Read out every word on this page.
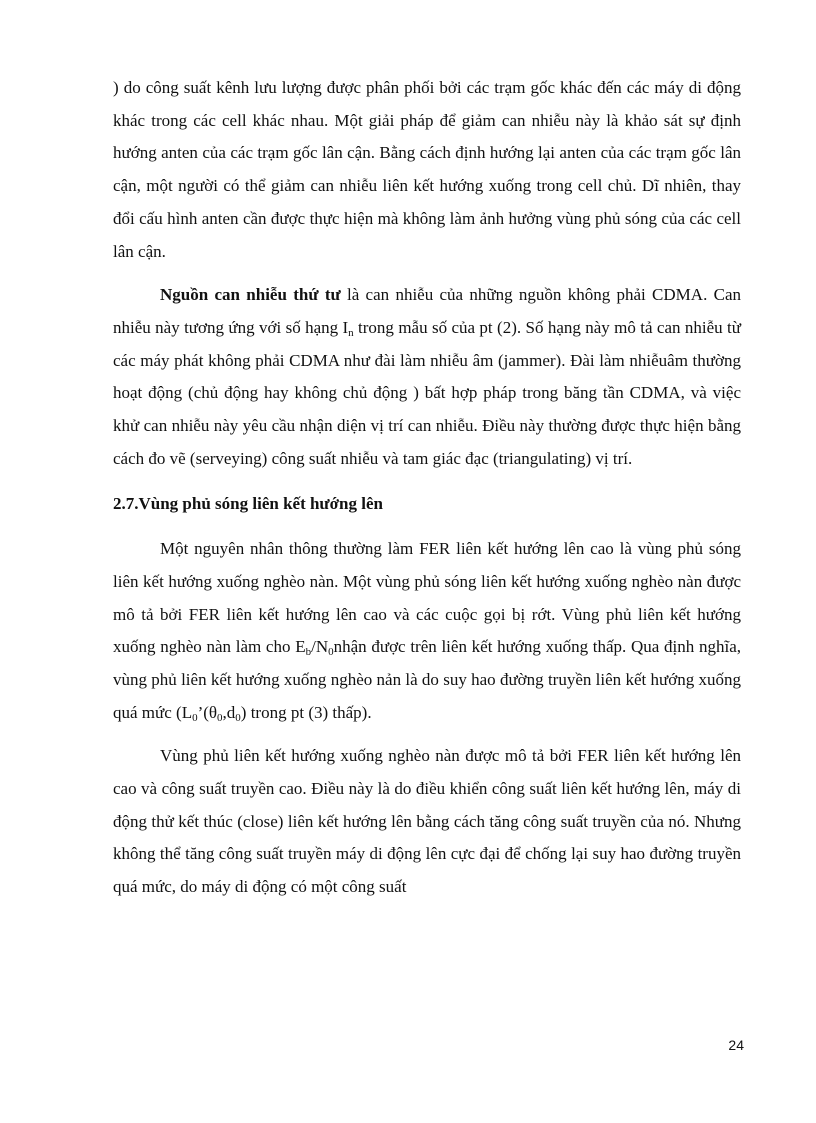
) do công suất kênh lưu lượng được phân phối bởi các trạm gốc khác đến các máy di động khác trong các cell khác nhau. Một giải pháp để giảm can nhiễu này là khảo sát sự định hướng anten của các trạm gốc lân cận. Bằng cách định hướng lại anten của các trạm gốc lân cận, một người có thể giảm can nhiễu liên kết hướng xuống trong cell chủ. Dĩ nhiên, thay đổi cấu hình anten cần được thực hiện mà không làm ảnh hưởng vùng phủ sóng của các cell lân cận.

Nguồn can nhiễu thứ tư là can nhiễu của những nguồn không phải CDMA. Can nhiễu này tương ứng với số hạng $I_n$ trong mẫu số của pt (2). Số hạng này mô tả can nhiễu từ các máy phát không phải CDMA như đài làm nhiễu âm (jammer). Đài làm nhiễuâm thường hoạt động (chủ động hay không chủ động ) bất hợp pháp trong băng tần CDMA, và việc khử can nhiễu này yêu cầu nhận diện vị trí can nhiễu. Điều này thường được thực hiện bằng cách đo vẽ (serveying) công suất nhiễu và tam giác đạc (triangulating) vị trí.

2.7.Vùng phủ sóng liên kết hướng lên

Một nguyên nhân thông thường làm FER liên kết hướng lên cao là vùng phủ sóng liên kết hướng xuống nghèo nàn. Một vùng phủ sóng liên kết hướng xuống nghèo nàn được mô tả bởi FER liên kết hướng lên cao và các cuộc gọi bị rớt. Vùng phủ liên kết hướng xuống nghèo nàn làm cho $E_b/N_0nhận$ được trên liên kết hướng xuống thấp. Qua định nghĩa, vùng phủ liên kết hướng xuống nghèo nản là do suy hao đường truyền liên kết hướng xuống quá mức ($L_0’(\theta_0,d_0)$ trong pt (3) thấp).

Vùng phủ liên kết hướng xuống nghèo nàn được mô tả bởi FER liên kết hướng lên cao và công suất truyền cao. Điều này là do điều khiển công suất liên kết hướng lên, máy di động thử kết thúc (close) liên kết hướng lên bằng cách tăng công suất truyền của nó. Nhưng không thể tăng công suất truyền máy di động lên cực đại để chống lại suy hao đường truyền quá mức, do máy di động có một công suất

24
